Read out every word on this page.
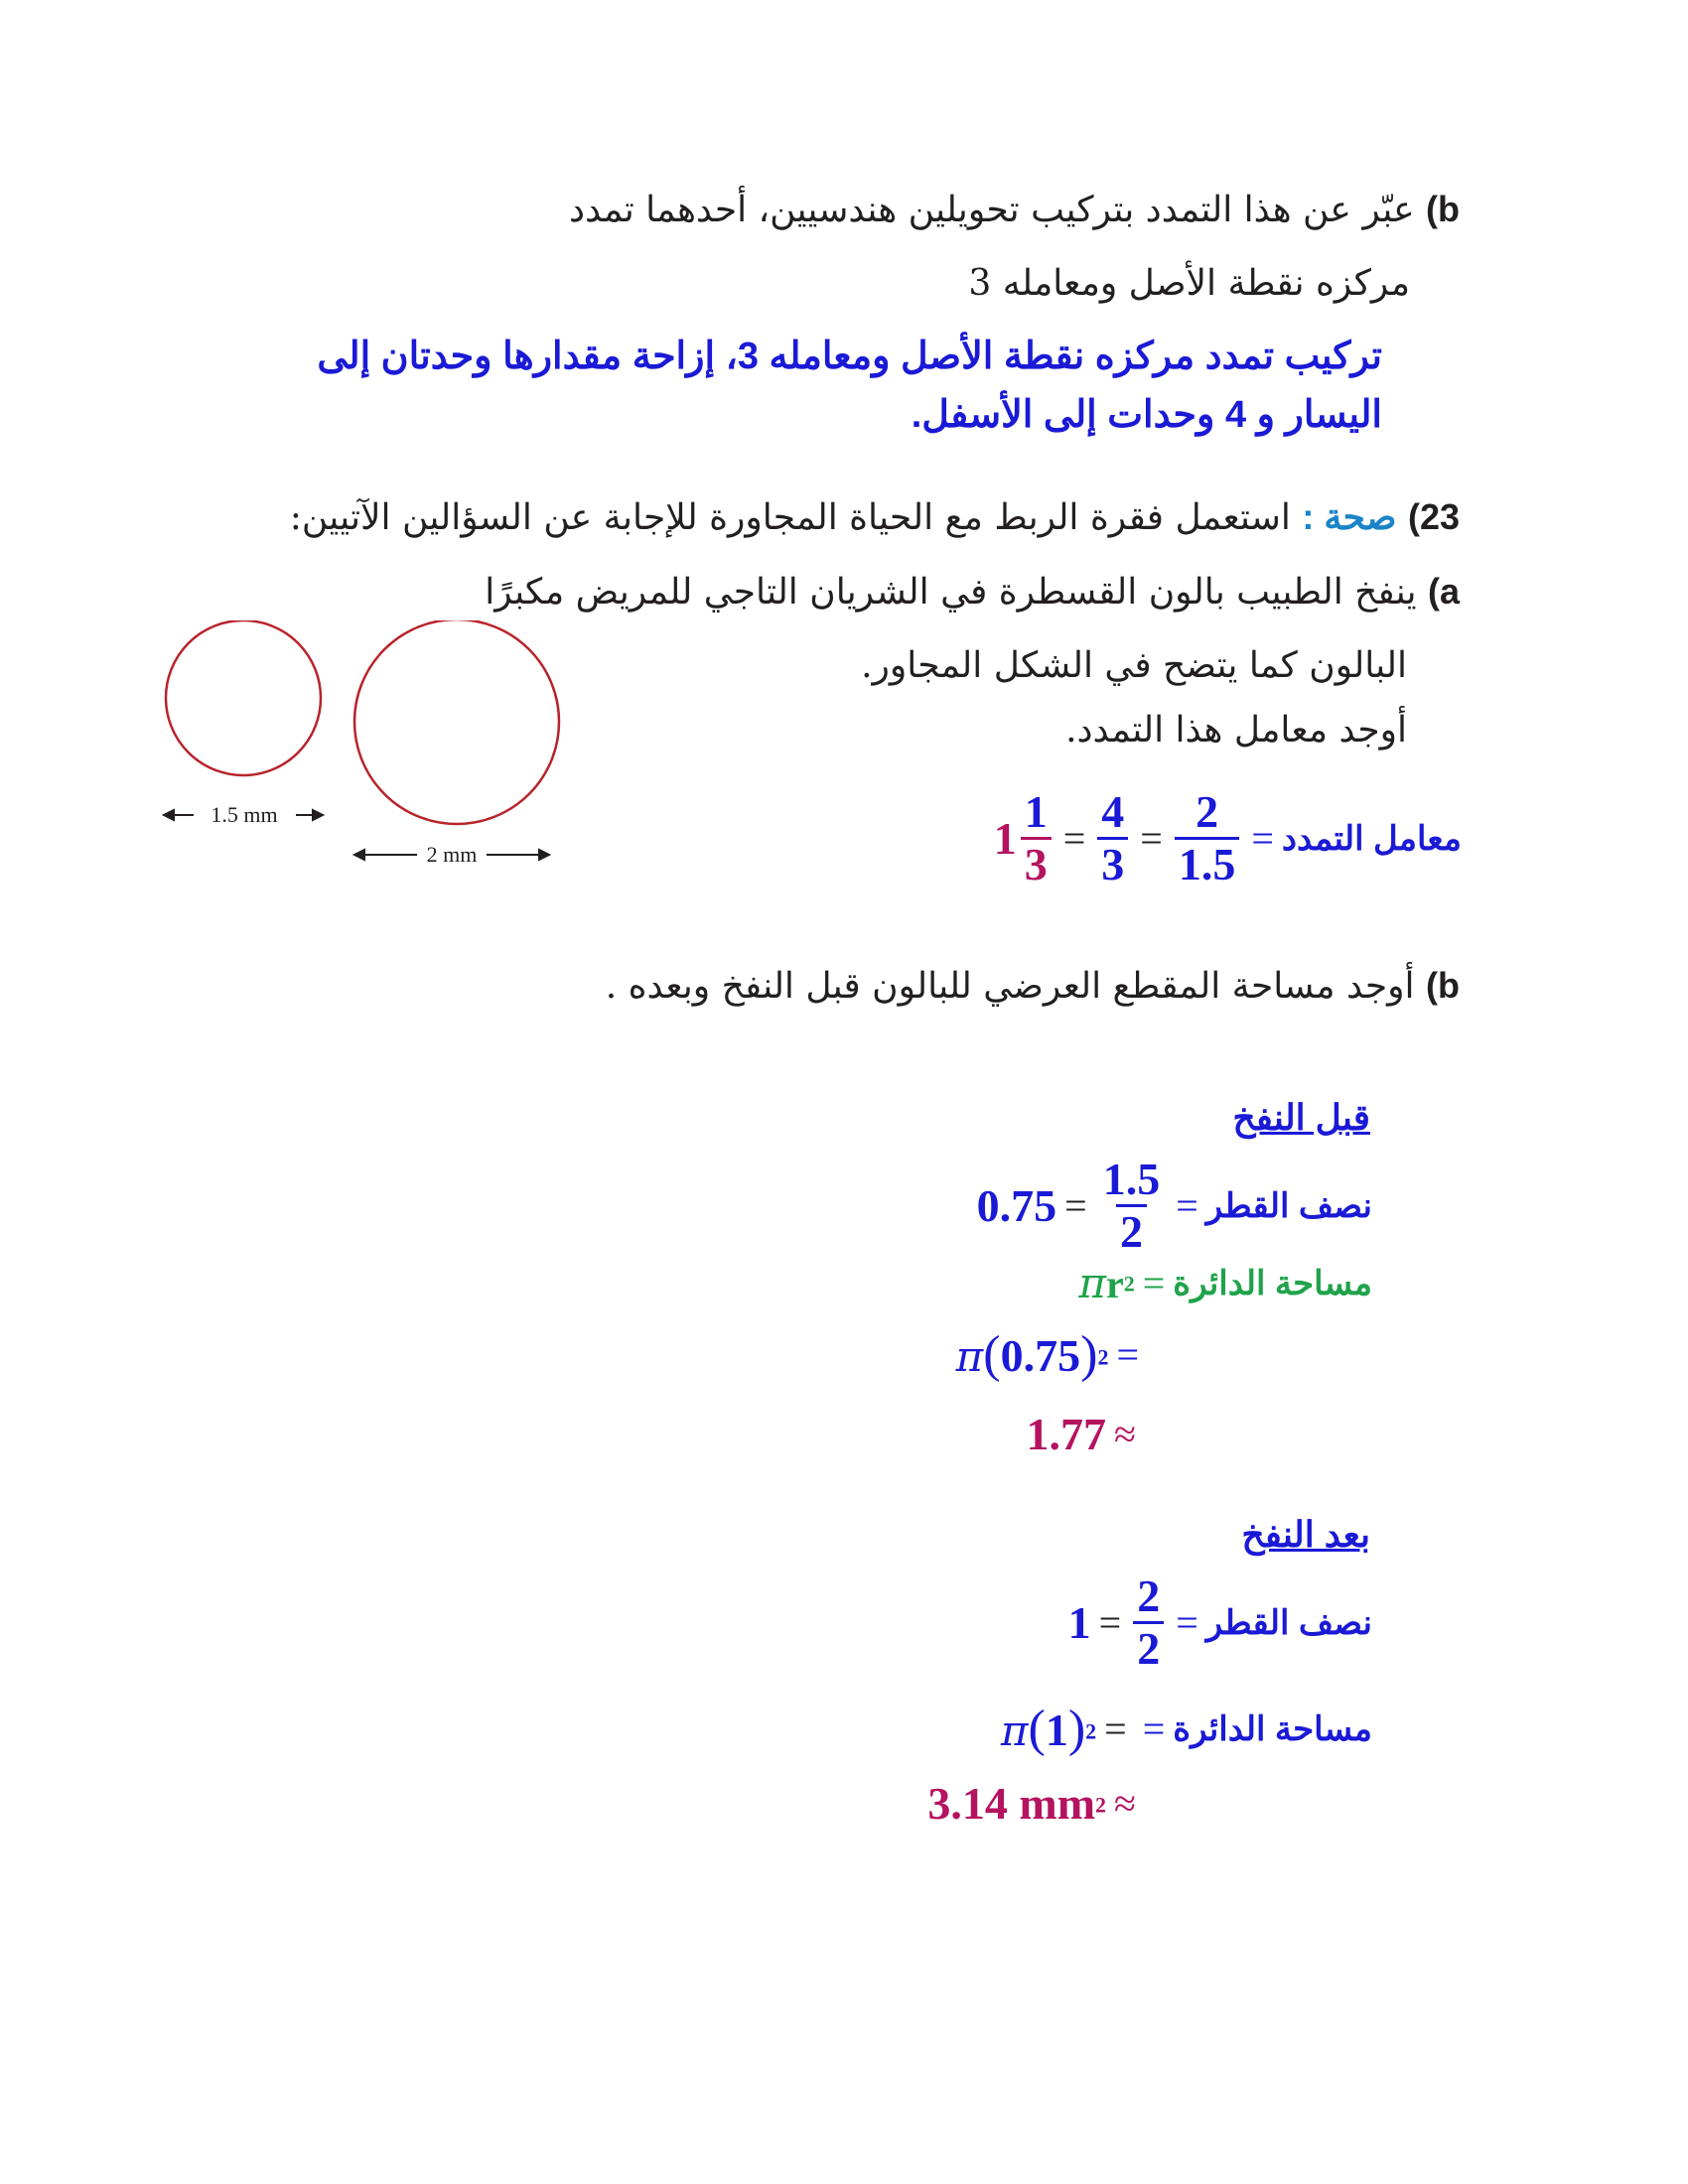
b) عبّر عن هذا التمدد بتركيب تحويلين هندسيين، أحدهما تمدد
مركزه نقطة الأصل ومعامله 3
تركيب تمدد مركزه نقطة الأصل ومعامله 3، إزاحة مقدارها وحدتان إلى
اليسار و 4 وحدات إلى الأسفل.
23) صحة : استعمل فقرة الربط مع الحياة المجاورة للإجابة عن السؤالين الآتيين:
a) ينفخ الطبيب بالون القسطرة في الشريان التاجي للمريض مكبرًا
البالون كما يتضح في الشكل المجاور.
أوجد معامل هذا التمدد.
1.5 mm
2 mm	معامل التمدد
=
$\frac{2}{1.5}$
=
$\frac{4}{3}$
=
$\frac{1}{3}$
1
b) أوجد مساحة المقطع العرضي للبالون قبل النفخ وبعده .
قبل النفخ
نصف القطر
=
$\frac{1.5}{2}$
=
0.75
مساحة الدائرة
=
$\pi r^2$
=
$\pi(0.75)^2$
≈
1.77
بعد النفخ
نصف القطر
=
$\frac{2}{2}$
=
1
مساحة الدائرة
=
=
$\pi(1)^2$
≈
3.14 $mm^2$
